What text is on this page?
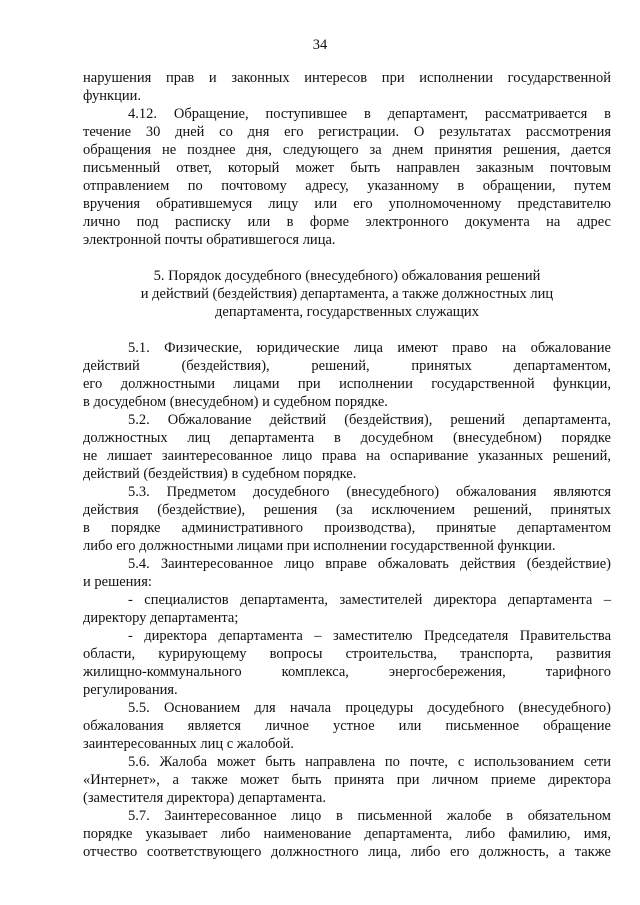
34
нарушения прав и законных интересов при исполнении государственной
функции.
4.12. Обращение, поступившее в департамент, рассматривается в
течение 30 дней со дня его регистрации. О результатах рассмотрения
обращения не позднее дня, следующего за днем принятия решения, дается
письменный ответ, который может быть направлен заказным почтовым
отправлением по почтовому адресу, указанному в обращении, путем
вручения обратившемуся лицу или его уполномоченному представителю
лично под расписку или в форме электронного документа на адрес
электронной почты обратившегося лица.
5. Порядок досудебного (внесудебного) обжалования решений
и действий (бездействия) департамента, а также должностных лиц
департамента, государственных служащих
5.1. Физические, юридические лица имеют право на обжалование
действий (бездействия), решений, принятых департаментом,
его должностными лицами при исполнении государственной функции,
в досудебном (внесудебном) и судебном порядке.
5.2. Обжалование действий (бездействия), решений департамента,
должностных лиц департамента в досудебном (внесудебном) порядке
не лишает заинтересованное лицо права на оспаривание указанных решений,
действий (бездействия) в судебном порядке.
5.3. Предметом досудебного (внесудебного) обжалования являются
действия (бездействие), решения (за исключением решений, принятых
в порядке административного производства), принятые департаментом
либо его должностными лицами при исполнении государственной функции.
5.4. Заинтересованное лицо вправе обжаловать действия (бездействие)
и решения:
- специалистов департамента, заместителей директора департамента –
директору департамента;
- директора департамента – заместителю Председателя Правительства
области, курирующему вопросы строительства, транспорта, развития
жилищно-коммунального комплекса, энергосбережения, тарифного
регулирования.
5.5. Основанием для начала процедуры досудебного (внесудебного)
обжалования является личное устное или письменное обращение
заинтересованных лиц с жалобой.
5.6. Жалоба может быть направлена по почте, с использованием сети
«Интернет», а также может быть принята при личном приеме директора
(заместителя директора) департамента.
5.7. Заинтересованное лицо в письменной жалобе в обязательном
порядке указывает либо наименование департамента, либо фамилию, имя,
отчество соответствующего должностного лица, либо его должность, а также
